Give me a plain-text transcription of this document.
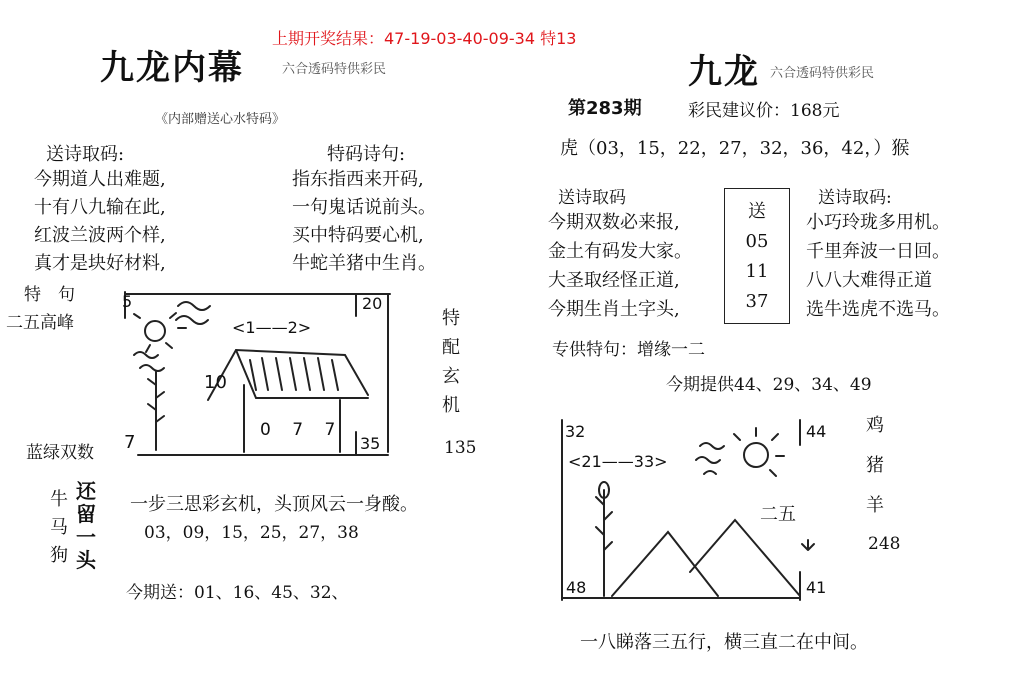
上期开奖结果：47-19-03-40-09-34 特13
九龙内幕	六合透码特供彩民
《内部赠送心水特码》
送诗取码:	特码诗句:
今期道人出难题,
十有八九输在此,
红波兰波两个样,
真才是块好材料,
指东指西来开码,
一句鬼话说前头。
买中特码要心机,
牛蛇羊猪中生肖。
特　句
二五高峰	特
配
玄
机
135
蓝绿双数
5	20
<1——2>
10
0 7 7
7	35
牛
马
狗
还
留
一
头
一步三思彩玄机，头顶风云一身酸。
03，09，15，25，27，38
今期送：01、16、45、32、
九龙 六合透码特供彩民
第283期	彩民建议价：168元
虎（03，15，22，27，32，36，42，）猴
送诗取码	送诗取码:
今期双数必来报,
金土有码发大家。
大圣取经怪正道,
今期生肖土字头,
送
05
11
37
小巧玲珑多用机。
千里奔波一日回。
八八大难得正道
选牛选虎不选马。
专供特句：增缘一二
今期提供44、29、34、49
32
<21——33>
44
二五
48	41
鸡
猪
羊
248
一八睇落三五行，横三直二在中间。
